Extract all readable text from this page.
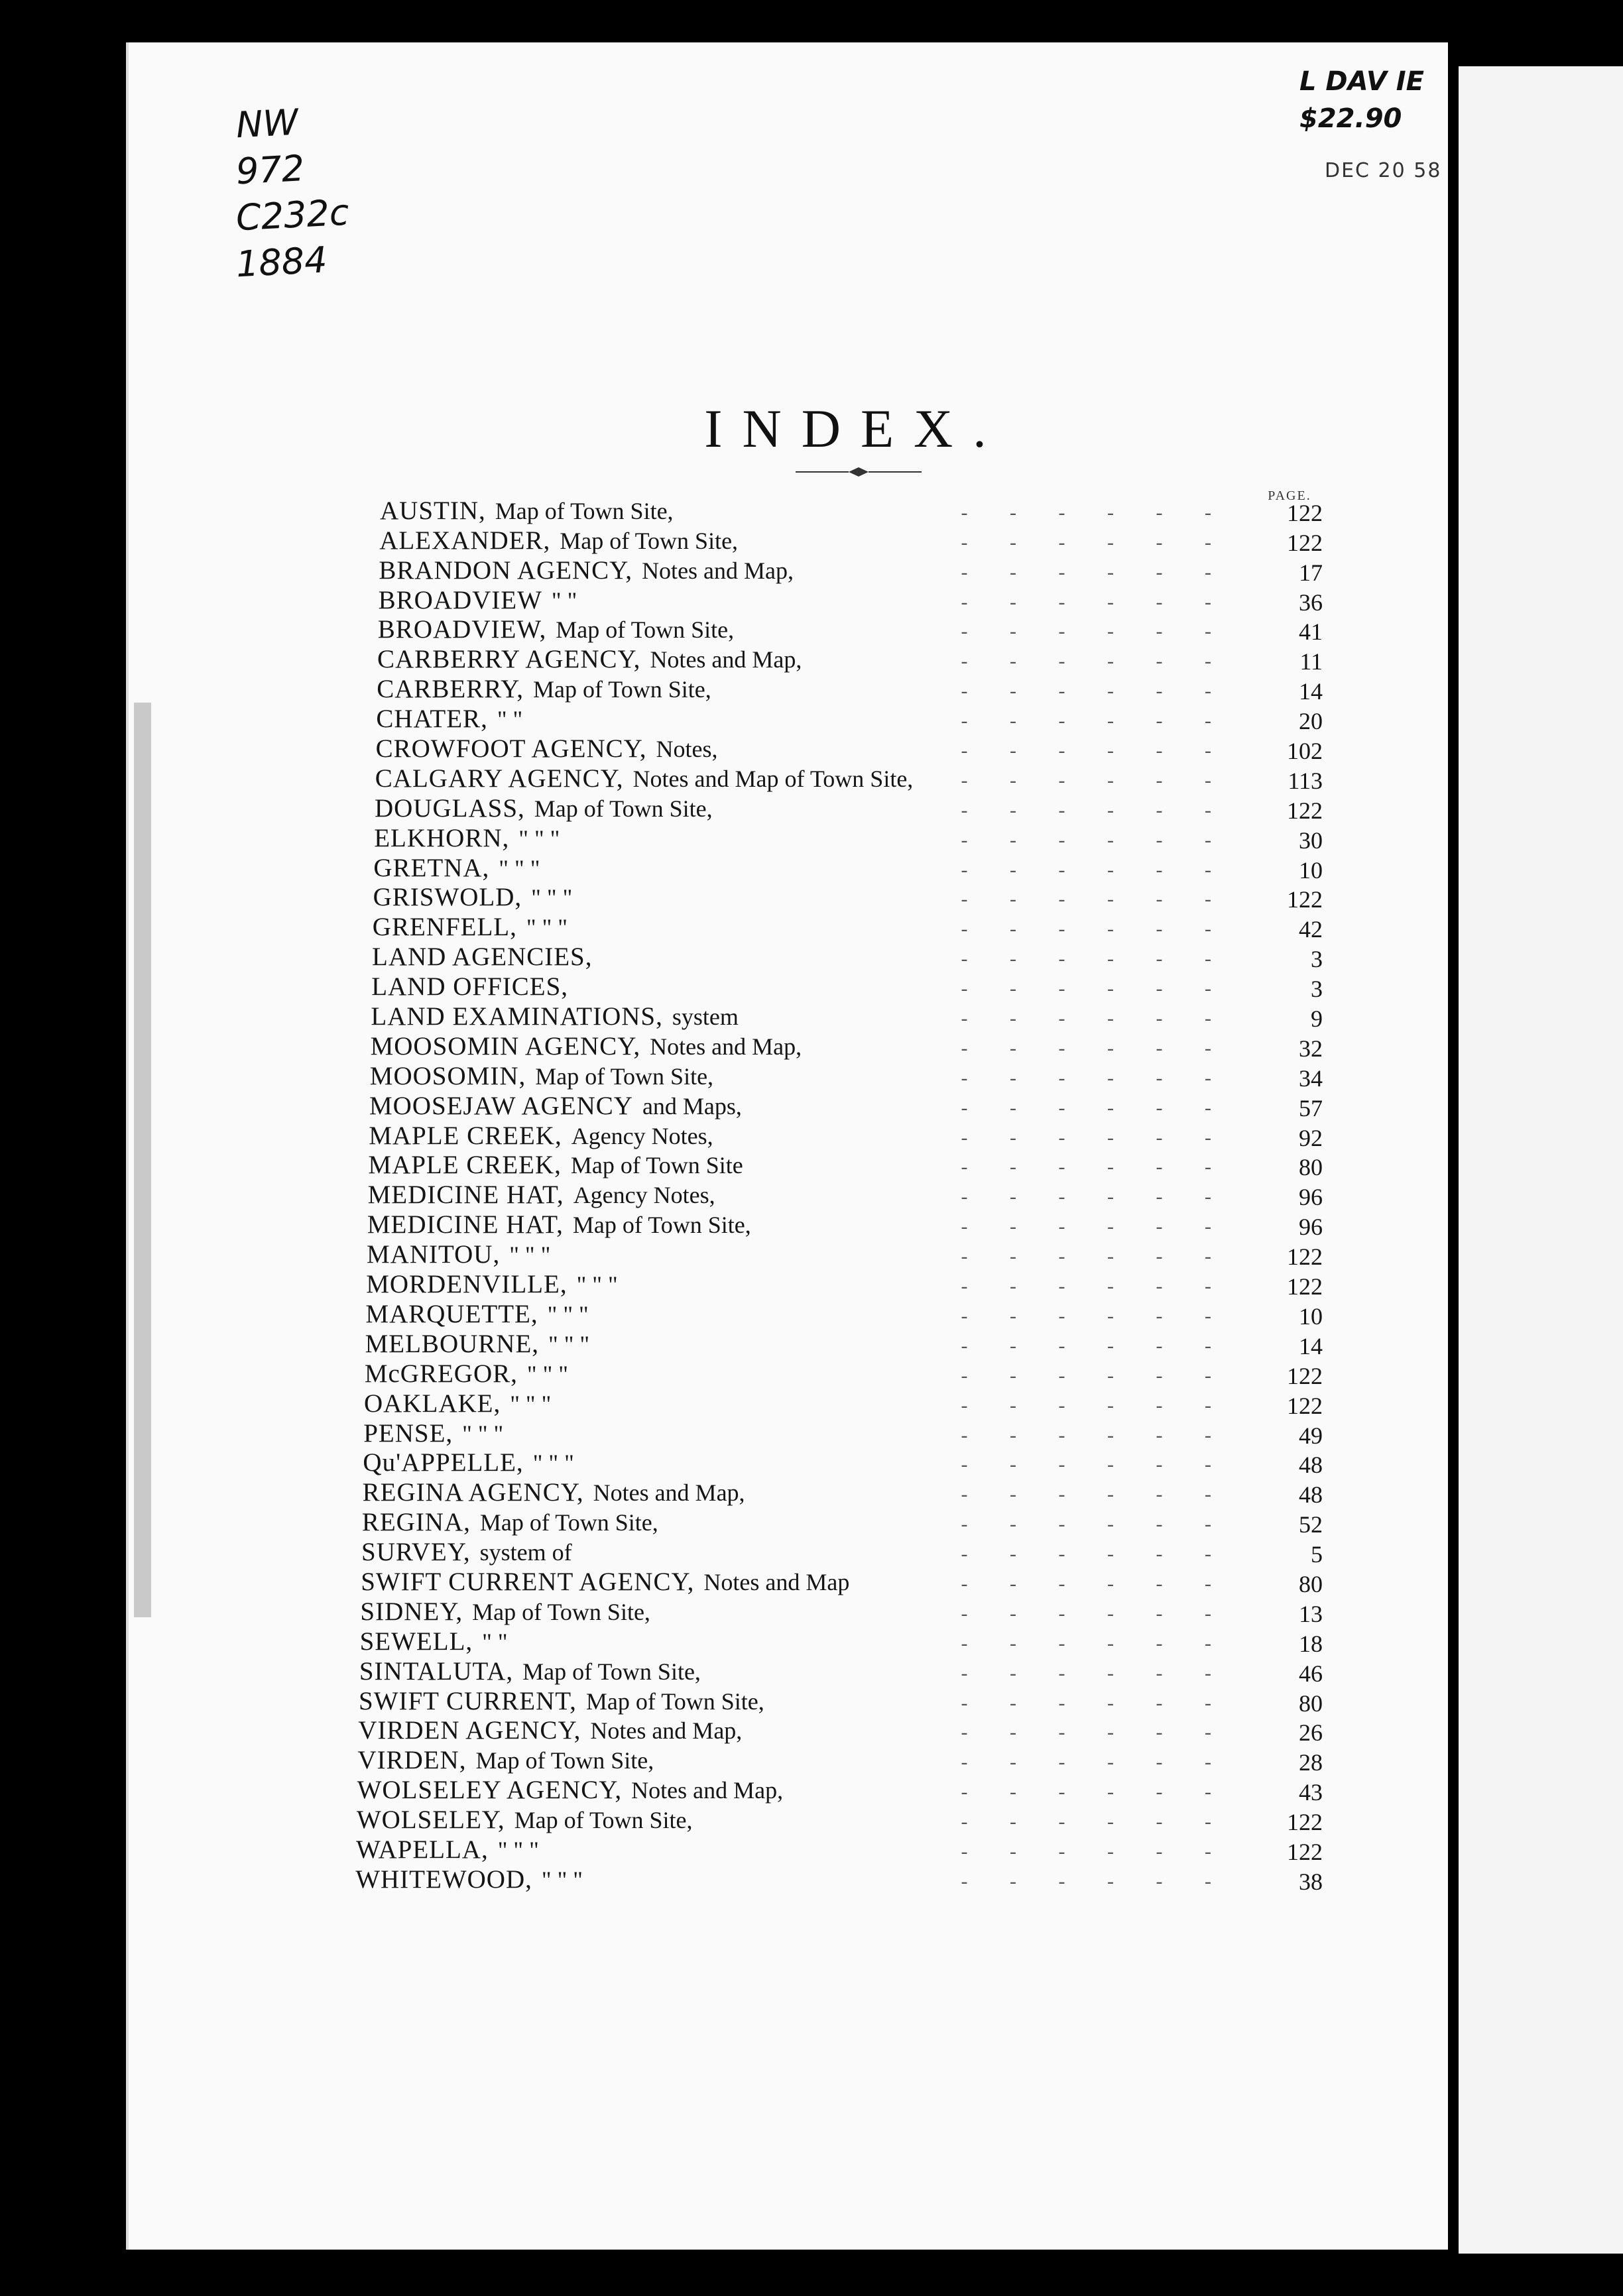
NW
972
C232c
1884
L DAV IE
$22.90
DEC 20 58
INDEX.
PAGE.
AUSTIN, Map of Town Site,	- - - - - -	122
ALEXANDER, Map of Town Site,	- - - - - -	122
BRANDON AGENCY, Notes and Map,	- - - - - -	17
BROADVIEW " "	- - - - - -	36
BROADVIEW, Map of Town Site,	- - - - - -	41
CARBERRY AGENCY, Notes and Map,	- - - - - -	11
CARBERRY, Map of Town Site,	- - - - - -	14
CHATER, " "	- - - - - -	20
CROWFOOT AGENCY, Notes,	- - - - - -	102
CALGARY AGENCY, Notes and Map of Town Site, - - - - - -	113
DOUGLASS, Map of Town Site,	- - - - - -	122
ELKHORN, " " "	- - - - - -	30
GRETNA, " " "	- - - - - -	10
GRISWOLD, " " "	- - - - - -	122
GRENFELL, " " "	- - - - - -	42
LAND AGENCIES,	- - - - - -	3
LAND OFFICES,	- - - - - -	3
LAND EXAMINATIONS, system	- - - - - -	9
MOOSOMIN AGENCY, Notes and Map,	- - - - - -	32
MOOSOMIN, Map of Town Site,	- - - - - -	34
MOOSEJAW AGENCY and Maps,	- - - - - -	57
MAPLE CREEK, Agency Notes,	- - - - - -	92
MAPLE CREEK, Map of Town Site	- - - - - -	80
MEDICINE HAT, Agency Notes,	- - - - - -	96
MEDICINE HAT, Map of Town Site,	- - - - - -	96
MANITOU, " " "	- - - - - -	122
MORDENVILLE, " " "	- - - - - -	122
MARQUETTE, " " "	- - - - - -	10
MELBOURNE, " " "	- - - - - -	14
McGREGOR, " " "	- - - - - -	122
OAKLAKE, " " "	- - - - - -	122
PENSE, " " "	- - - - - -	49
Qu'APPELLE, " " "	- - - - - -	48
REGINA AGENCY, Notes and Map,	- - - - - -	48
REGINA, Map of Town Site,	- - - - - -	52
SURVEY, system of	- - - - - -	5
SWIFT CURRENT AGENCY, Notes and Map	- - - - - -	80
SIDNEY, Map of Town Site,	- - - - - -	13
SEWELL, " "	- - - - - -	18
SINTALUTA, Map of Town Site,	- - - - - -	46
SWIFT CURRENT, Map of Town Site,	- - - - - -	80
VIRDEN AGENCY, Notes and Map,	- - - - - -	26
VIRDEN, Map of Town Site,	- - - - - -	28
WOLSELEY AGENCY, Notes and Map,	- - - - - -	43
WOLSELEY, Map of Town Site,	- - - - - -	122
WAPELLA, " " "	- - - - - -	122
WHITEWOOD, " " "	- - - - - -	38
